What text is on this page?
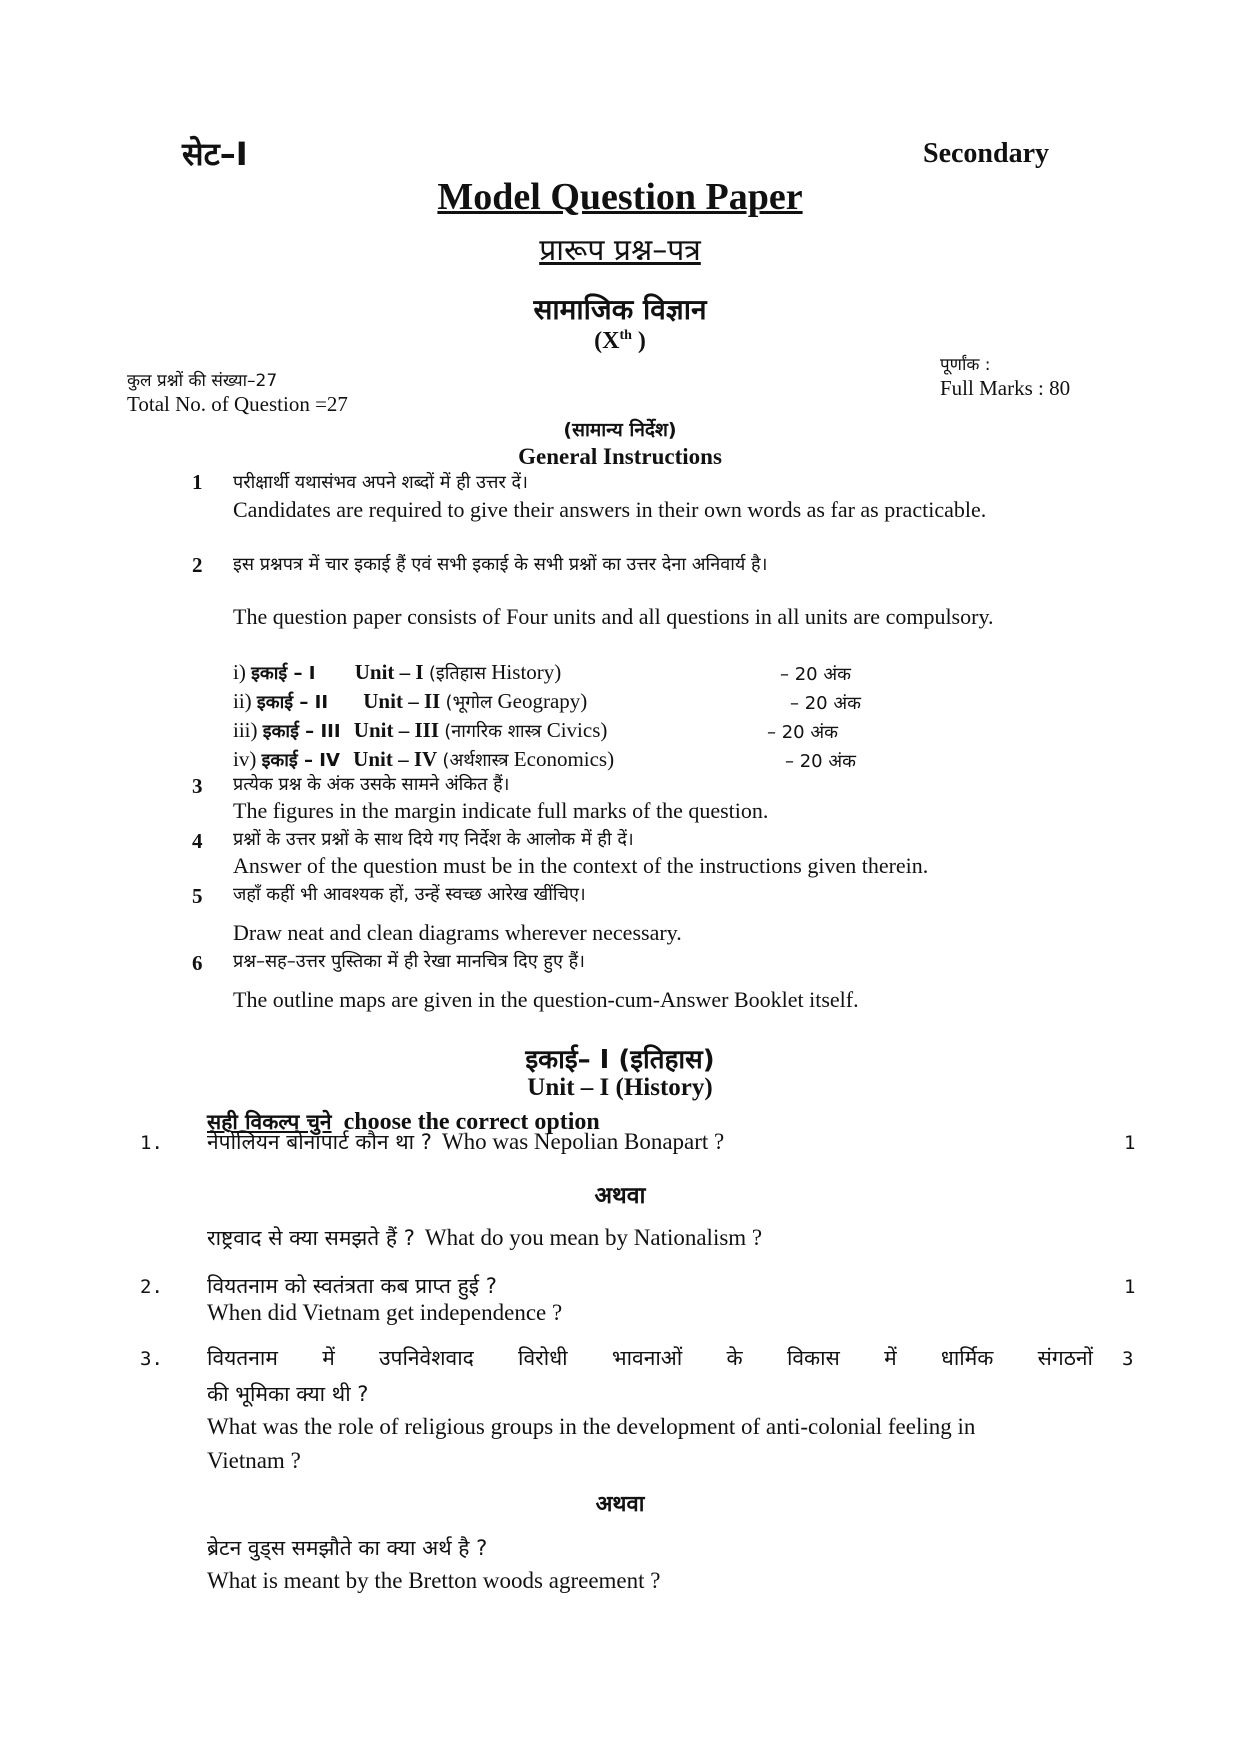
सेट–I	Secondary
Model Question Paper
प्रारूप प्रश्न–पत्र
सामाजिक विज्ञान
(Xth )
कुल प्रश्नों की संख्या–27
Total No. of Question =27
पूर्णांक :
Full Marks : 80
(सामान्य निर्देश)
General Instructions
1 परीक्षार्थी यथासंभव अपने शब्दों में ही उत्तर दें।
Candidates are required to give their answers in their own words as far as practicable.
2 इस प्रश्नपत्र में चार इकाई हैं एवं सभी इकाई के सभी प्रश्नों का उत्तर देना अनिवार्य है।
The question paper consists of Four units and all questions in all units are compulsory.
i) इकाई – I Unit – I (इतिहास History)	– 20 अंक
ii) इकाई – II Unit – II (भूगोल Geograpy)	– 20 अंक
iii) इकाई – III Unit – III (नागरिक शास्त्र Civics)	– 20 अंक
iv) इकाई – IV Unit – IV (अर्थशास्त्र Economics)	– 20 अंक
3 प्रत्येक प्रश्न के अंक उसके सामने अंकित हैं।
The figures in the margin indicate full marks of the question.
4 प्रश्नों के उत्तर प्रश्नों के साथ दिये गए निर्देश के आलोक में ही दें।
Answer of the question must be in the context of the instructions given therein.
5 जहाँ कहीं भी आवश्यक हों, उन्हें स्वच्छ आरेख खींचिए।
Draw neat and clean diagrams wherever necessary.
6 प्रश्न–सह–उत्तर पुस्तिका में ही रेखा मानचित्र दिए हुए हैं।
The outline maps are given in the question-cum-Answer Booklet itself.
इकाई– I (इतिहास)
Unit – I (History)
सही विकल्प चुने choose the correct option
1. नेपोलियन बोनापार्ट कौन था ? Who was Nepolian Bonapart ?	1
अथवा
राष्ट्रवाद से क्या समझते हैं ? What do you mean by Nationalism ?
2. वियतनाम को स्वतंत्रता कब प्राप्त हुई ?	1
When did Vietnam get independence ?
3. वियतनाम में उपनिवेशवाद विरोधी भावनाओं के विकास में धार्मिक संगठनों 3
की भूमिका क्या थी ?
What was the role of religious groups in the development of anti-colonial feeling in
Vietnam ?
अथवा
ब्रेटन वुड्स समझौते का क्या अर्थ है ?
What is meant by the Bretton woods agreement ?
